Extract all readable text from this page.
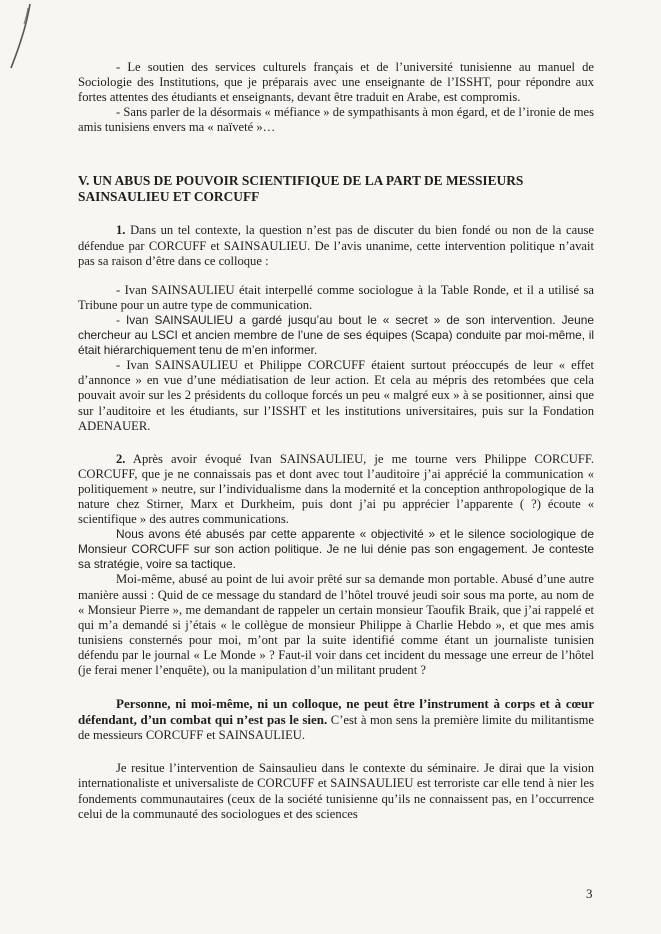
- Le soutien des services culturels français et de l’université tunisienne au manuel de Sociologie des Institutions, que je préparais avec une enseignante de l’ISSHT, pour répondre aux fortes attentes des étudiants et enseignants, devant être traduit en Arabe, est compromis.

- Sans parler de la désormais « méfiance » de sympathisants à mon égard, et de l’ironie de mes amis tunisiens envers ma « naïveté »…

V. UN ABUS DE POUVOIR SCIENTIFIQUE DE LA PART DE MESSIEURS SAINSAULIEU ET CORCUFF

1. Dans un tel contexte, la question n’est pas de discuter du bien fondé ou non de la cause défendue par CORCUFF et SAINSAULIEU. De l’avis unanime, cette intervention politique n’avait pas sa raison d’être dans ce colloque :

- Ivan SAINSAULIEU était interpellé comme sociologue à la Table Ronde, et il a utilisé sa Tribune pour un autre type de communication.

- Ivan SAINSAULIEU a gardé jusqu’au bout le « secret » de son intervention. Jeune chercheur au LSCI et ancien membre de l’une de ses équipes (Scapa) conduite par moi-même, il était hiérarchiquement tenu de m’en informer.

- Ivan SAINSAULIEU et Philippe CORCUFF étaient surtout préoccupés de leur « effet d’annonce » en vue d’une médiatisation de leur action. Et cela au mépris des retombées que cela pouvait avoir sur les 2 présidents du colloque forcés un peu « malgré eux » à se positionner, ainsi que sur l’auditoire et les étudiants, sur l’ISSHT et les institutions universitaires, puis sur la Fondation ADENAUER.

2. Après avoir évoqué Ivan SAINSAULIEU, je me tourne vers Philippe CORCUFF. CORCUFF, que je ne connaissais pas et dont avec tout l’auditoire j’ai apprécié la communication « politiquement » neutre, sur l’individualisme dans la modernité et la conception anthropologique de la nature chez Stirner, Marx et Durkheim, puis dont j’ai pu apprécier l’apparente ( ?) écoute « scientifique » des autres communications.

Nous avons été abusés par cette apparente « objectivité » et le silence sociologique de Monsieur CORCUFF sur son action politique. Je ne lui dénie pas son engagement. Je conteste sa stratégie, voire sa tactique.

Moi-même, abusé au point de lui avoir prêté sur sa demande mon portable. Abusé d’une autre manière aussi : Quid de ce message du standard de l’hôtel trouvé jeudi soir sous ma porte, au nom de « Monsieur Pierre », me demandant de rappeler un certain monsieur Taoufik Braik, que j’ai rappelé et qui m’a demandé si j’étais « le collègue de monsieur Philippe à Charlie Hebdo », et que mes amis tunisiens consternés pour moi, m’ont par la suite identifié comme étant un journaliste tunisien défendu par le journal « Le Monde » ? Faut-il voir dans cet incident du message une erreur de l’hôtel (je ferai mener l’enquête), ou la manipulation d’un militant prudent ?

Personne, ni moi-même, ni un colloque, ne peut être l’instrument à corps et à cœur défendant, d’un combat qui n’est pas le sien. C’est à mon sens la première limite du militantisme de messieurs CORCUFF et SAINSAULIEU.

Je resitue l’intervention de Sainsaulieu dans le contexte du séminaire. Je dirai que la vision internationaliste et universaliste de CORCUFF et SAINSAULIEU est terroriste car elle tend à nier les fondements communautaires (ceux de la société tunisienne qu’ils ne connaissent pas, en l’occurrence celui de la communauté des sociologues et des sciences

3
